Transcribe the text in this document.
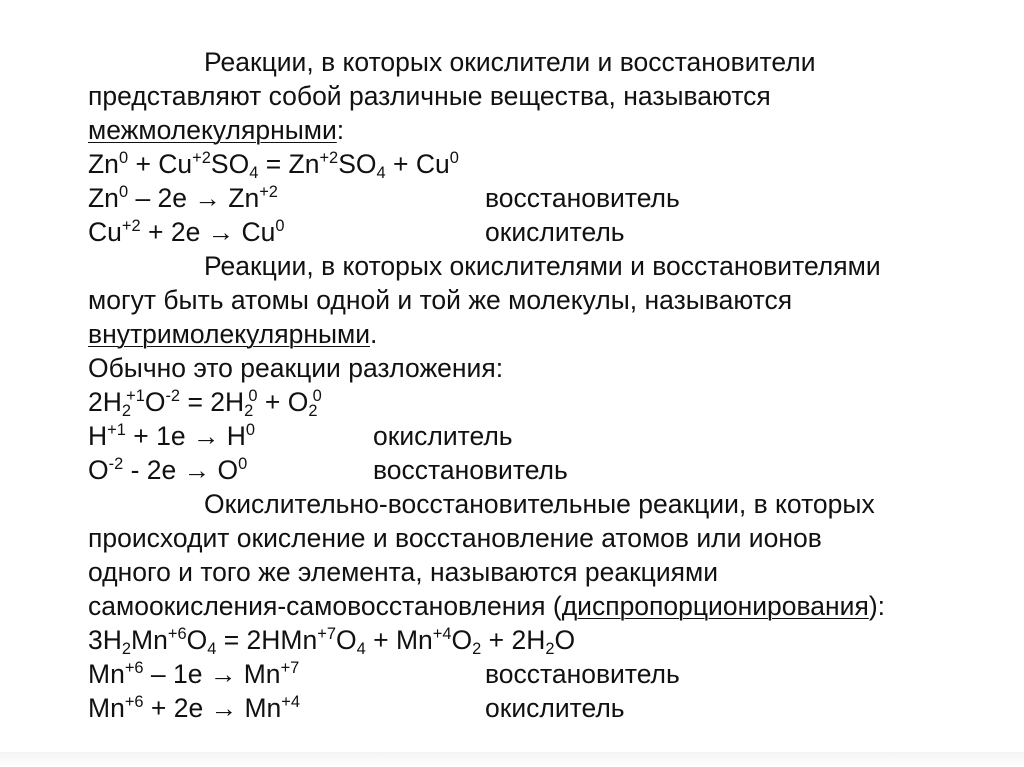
Реакции, в которых окислители и восстановители
представляют собой различные вещества, называются
межмолекулярными:
$Zn^0 + Cu^{+2}SO_4 = Zn^{+2}SO_4 + Cu^0$
$Zn^0 - 2e \to Zn^{+2}$	восстановитель
$Cu^{+2} + 2e \to Cu^0$	окислитель
Реакции, в которых окислителями и восстановителями
могут быть атомы одной и той же молекулы, называются
внутримолекулярными.
Обычно это реакции разложения:
$2H_2^{+1}O^{-2} = 2H_2^0 + O_2^0$
$H^{+1} + 1e \to H^0$	окислитель
$O^{-2} - 2e \to O^0$	восстановитель
Окислительно-восстановительные реакции, в которых
происходит окисление и восстановление атомов или ионов
одного и того же элемента, называются реакциями
самоокисления-самовосстановления (диспропорционирования):
$3H_2Mn^{+6}O_4 = 2HMn^{+7}O_4 + Mn^{+4}O_2 + 2H_2O$
$Mn^{+6} - 1e \to Mn^{+7}$	восстановитель
$Mn^{+6} + 2e \to Mn^{+4}$	окислитель
